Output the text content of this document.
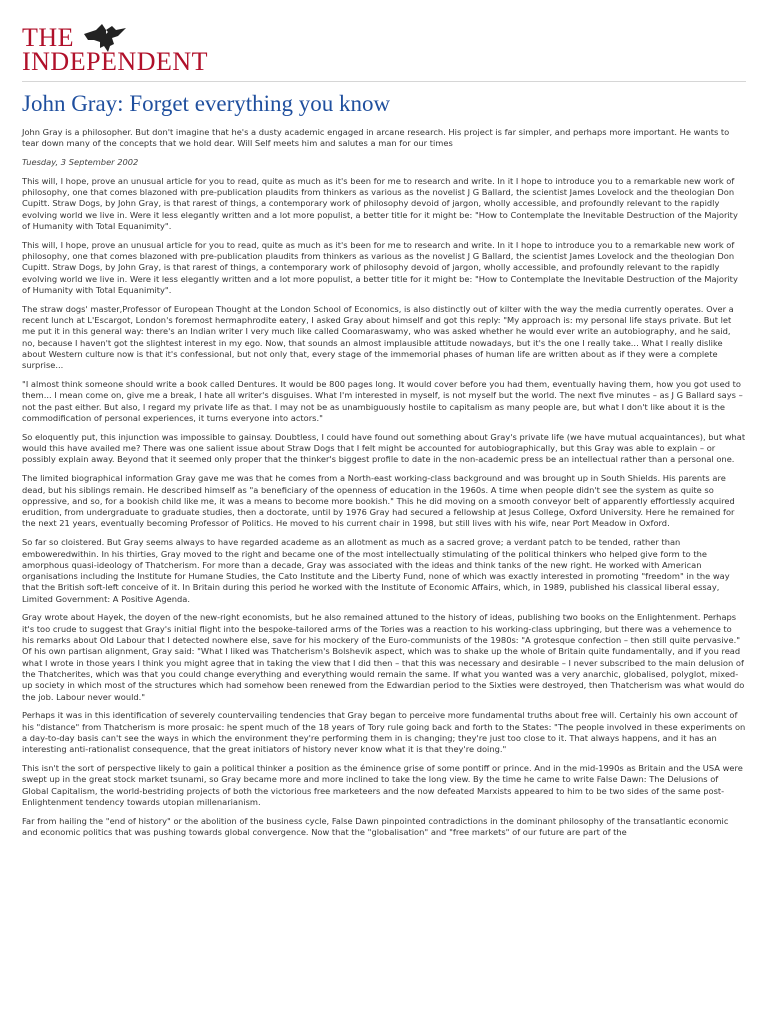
THE
INDEPENDENT
John Gray: Forget everything you know

John Gray is a philosopher. But don't imagine that he's a dusty academic engaged in arcane research. His project is far simpler, and perhaps more important. He wants to tear down many of the concepts that we hold dear. Will Self meets him and salutes a man for our times

Tuesday, 3 September 2002

This will, I hope, prove an unusual article for you to read, quite as much as it's been for me to research and write. In it I hope to introduce you to a remarkable new work of philosophy, one that comes blazoned with pre-publication plaudits from thinkers as various as the novelist J G Ballard, the scientist James Lovelock and the theologian Don Cupitt. Straw Dogs, by John Gray, is that rarest of things, a contemporary work of philosophy devoid of jargon, wholly accessible, and profoundly relevant to the rapidly evolving world we live in. Were it less elegantly written and a lot more populist, a better title for it might be: "How to Contemplate the Inevitable Destruction of the Majority of Humanity with Total Equanimity".

This will, I hope, prove an unusual article for you to read, quite as much as it's been for me to research and write. In it I hope to introduce you to a remarkable new work of philosophy, one that comes blazoned with pre-publication plaudits from thinkers as various as the novelist J G Ballard, the scientist James Lovelock and the theologian Don Cupitt. Straw Dogs, by John Gray, is that rarest of things, a contemporary work of philosophy devoid of jargon, wholly accessible, and profoundly relevant to the rapidly evolving world we live in. Were it less elegantly written and a lot more populist, a better title for it might be: "How to Contemplate the Inevitable Destruction of the Majority of Humanity with Total Equanimity".

The straw dogs' master,Professor of European Thought at the London School of Economics, is also distinctly out of kilter with the way the media currently operates. Over a recent lunch at L'Escargot, London's foremost hermaphrodite eatery, I asked Gray about himself and got this reply: "My approach is: my personal life stays private. But let me put it in this general way: there's an Indian writer I very much like called Coomaraswamy, who was asked whether he would ever write an autobiography, and he said, no, because I haven't got the slightest interest in my ego. Now, that sounds an almost implausible attitude nowadays, but it's the one I really take... What I really dislike about Western culture now is that it's confessional, but not only that, every stage of the immemorial phases of human life are written about as if they were a complete surprise...

"I almost think someone should write a book called Dentures. It would be 800 pages long. It would cover before you had them, eventually having them, how you got used to them... I mean come on, give me a break, I hate all writer's disguises. What I'm interested in myself, is not myself but the world. The next five minutes – as J G Ballard says – not the past either. But also, I regard my private life as that. I may not be as unambiguously hostile to capitalism as many people are, but what I don't like about it is the commodification of personal experiences, it turns everyone into actors."

So eloquently put, this injunction was impossible to gainsay. Doubtless, I could have found out something about Gray's private life (we have mutual acquaintances), but what would this have availed me? There was one salient issue about Straw Dogs that I felt might be accounted for autobiographically, but this Gray was able to explain – or possibly explain away. Beyond that it seemed only proper that the thinker's biggest profile to date in the non-academic press be an intellectual rather than a personal one.

The limited biographical information Gray gave me was that he comes from a North-east working-class background and was brought up in South Shields. His parents are dead, but his siblings remain. He described himself as "a beneficiary of the openness of education in the 1960s. A time when people didn't see the system as quite so oppressive, and so, for a bookish child like me, it was a means to become more bookish." This he did moving on a smooth conveyor belt of apparently effortlessly acquired erudition, from undergraduate to graduate studies, then a doctorate, until by 1976 Gray had secured a fellowship at Jesus College, Oxford University. Here he remained for the next 21 years, eventually becoming Professor of Politics. He moved to his current chair in 1998, but still lives with his wife, near Port Meadow in Oxford.

So far so cloistered. But Gray seems always to have regarded academe as an allotment as much as a sacred grove; a verdant patch to be tended, rather than emboweredwithin. In his thirties, Gray moved to the right and became one of the most intellectually stimulating of the political thinkers who helped give form to the amorphous quasi-ideology of Thatcherism. For more than a decade, Gray was associated with the ideas and think tanks of the new right. He worked with American organisations including the Institute for Humane Studies, the Cato Institute and the Liberty Fund, none of which was exactly interested in promoting "freedom" in the way that the British soft-left conceive of it. In Britain during this period he worked with the Institute of Economic Affairs, which, in 1989, published his classical liberal essay, Limited Government: A Positive Agenda.

Gray wrote about Hayek, the doyen of the new-right economists, but he also remained attuned to the history of ideas, publishing two books on the Enlightenment. Perhaps it's too crude to suggest that Gray's initial flight into the bespoke-tailored arms of the Tories was a reaction to his working-class upbringing, but there was a vehemence to his remarks about Old Labour that I detected nowhere else, save for his mockery of the Euro-communists of the 1980s: "A grotesque confection – then still quite pervasive." Of his own partisan alignment, Gray said: "What I liked was Thatcherism's Bolshevik aspect, which was to shake up the whole of Britain quite fundamentally, and if you read what I wrote in those years I think you might agree that in taking the view that I did then – that this was necessary and desirable – I never subscribed to the main delusion of the Thatcherites, which was that you could change everything and everything would remain the same. If what you wanted was a very anarchic, globalised, polyglot, mixed-up society in which most of the structures which had somehow been renewed from the Edwardian period to the Sixties were destroyed, then Thatcherism was what would do the job. Labour never would."

Perhaps it was in this identification of severely countervailing tendencies that Gray began to perceive more fundamental truths about free will. Certainly his own account of his "distance" from Thatcherism is more prosaic: he spent much of the 18 years of Tory rule going back and forth to the States: "The people involved in these experiments on a day-to-day basis can't see the ways in which the environment they're performing them in is changing; they're just too close to it. That always happens, and it has an interesting anti-rationalist consequence, that the great initiators of history never know what it is that they're doing."

This isn't the sort of perspective likely to gain a political thinker a position as the éminence grise of some pontiff or prince. And in the mid-1990s as Britain and the USA were swept up in the great stock market tsunami, so Gray became more and more inclined to take the long view. By the time he came to write False Dawn: The Delusions of Global Capitalism, the world-bestriding projects of both the victorious free marketeers and the now defeated Marxists appeared to him to be two sides of the same post-Enlightenment tendency towards utopian millenarianism.

Far from hailing the "end of history" or the abolition of the business cycle, False Dawn pinpointed contradictions in the dominant philosophy of the transatlantic economic and economic politics that was pushing towards global convergence. Now that the "globalisation" and "free markets" of our future are part of the
